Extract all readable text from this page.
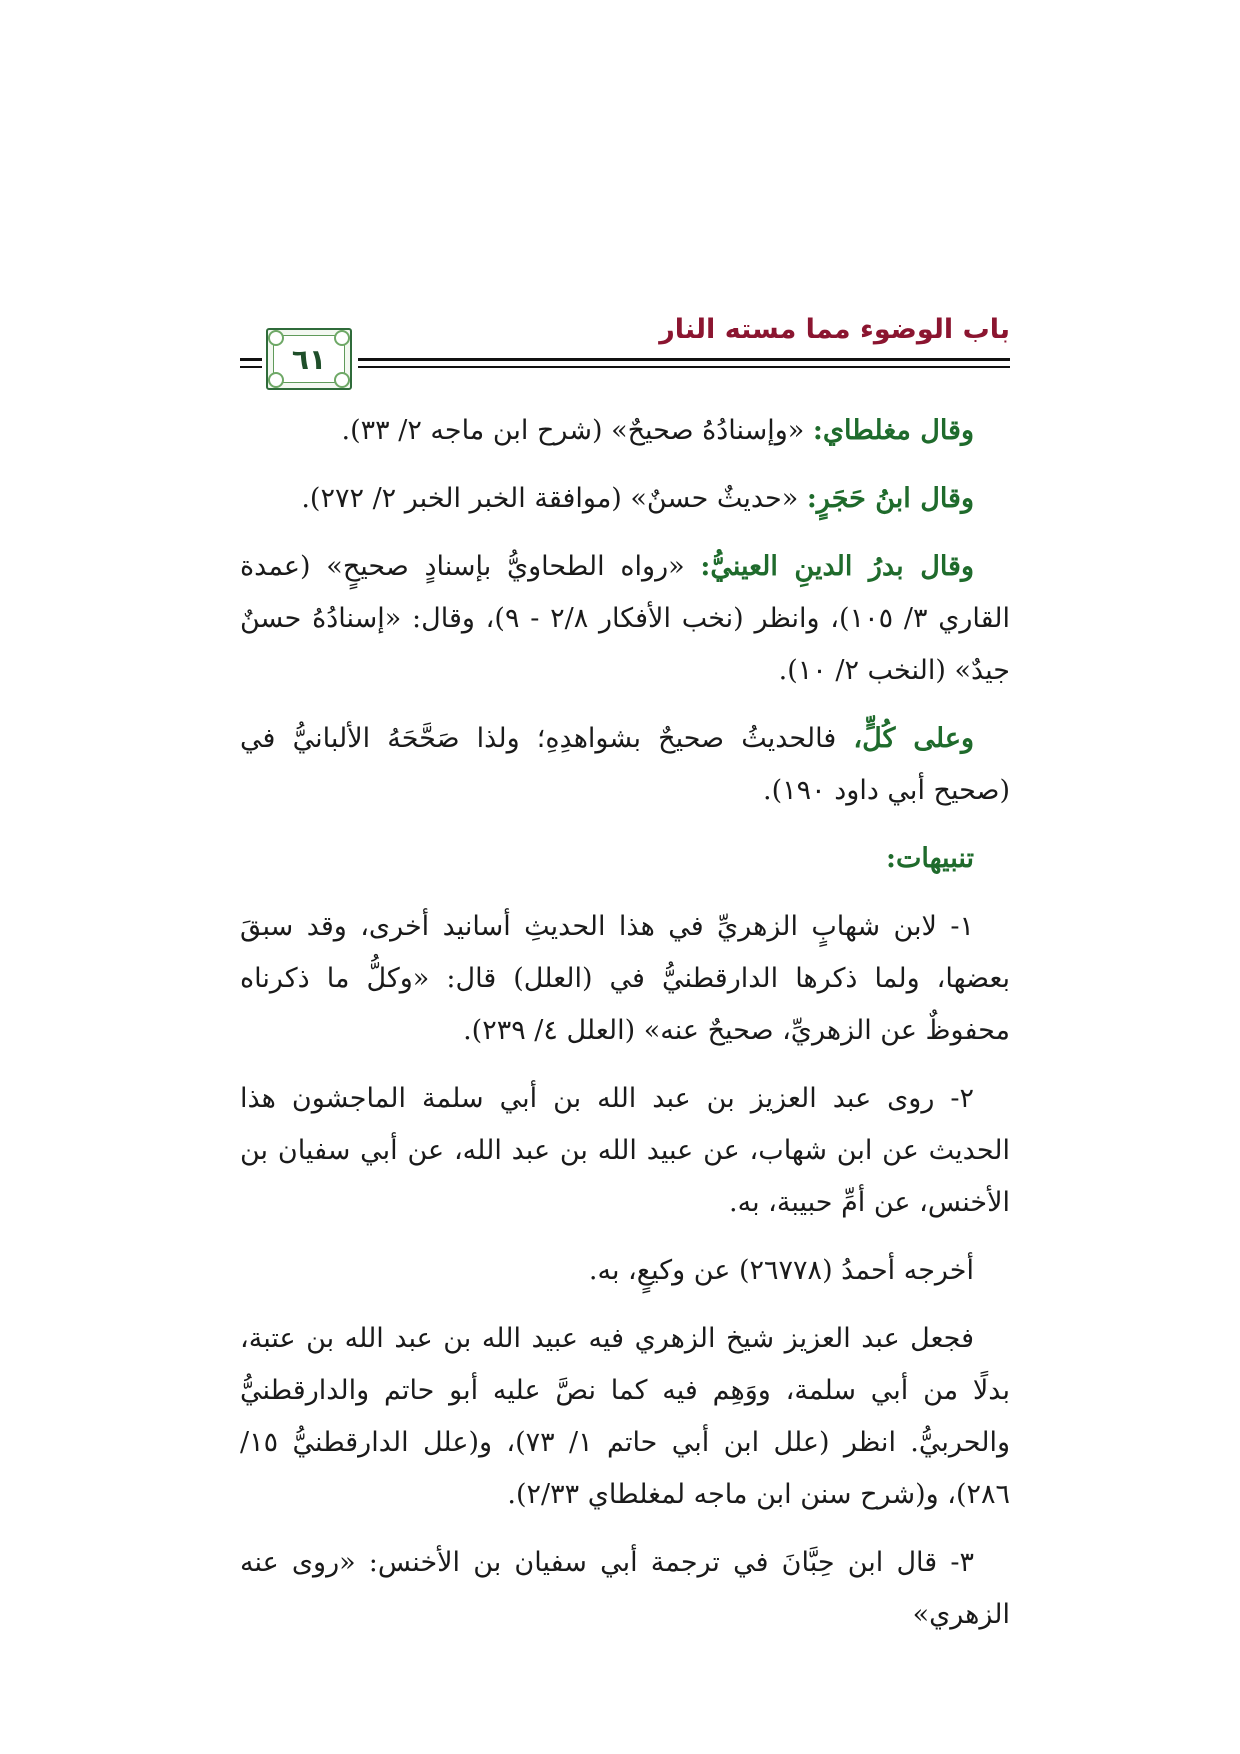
باب الوضوء مما مسته النار
٦١

وقال مغلطاي: «وإسنادُهُ صحيحٌ» (شرح ابن ماجه ٢/ ٣٣).

وقال ابنُ حَجَرٍ: «حديثٌ حسنٌ» (موافقة الخبر الخبر ٢/ ٢٧٢).

وقال بدرُ الدينِ العينيُّ: «رواه الطحاويُّ بإسنادٍ صحيحٍ» (عمدة القاري ٣/ ١٠٥)، وانظر (نخب الأفكار ٢/٨ - ٩)، وقال: «إسنادُهُ حسنٌ جيدٌ» (النخب ٢/ ١٠).

وعلى كُلٍّ، فالحديثُ صحيحٌ بشواهدِهِ؛ ولذا صَحَّحَهُ الألبانيُّ في (صحيح أبي داود ١٩٠).

تنبيهات:

١- لابن شهابٍ الزهريِّ في هذا الحديثِ أسانيد أخرى، وقد سبقَ بعضها، ولما ذكرها الدارقطنيُّ في (العلل) قال: «وكلُّ ما ذكرناه محفوظٌ عن الزهريِّ، صحيحٌ عنه» (العلل ٤/ ٢٣٩).

٢- روى عبد العزيز بن عبد الله بن أبي سلمة الماجشون هذا الحديث عن ابن شهاب، عن عبيد الله بن عبد الله، عن أبي سفيان بن الأخنس، عن أمِّ حبيبة، به.

أخرجه أحمدُ (٢٦٧٧٨) عن وكيعٍ، به.

فجعل عبد العزيز شيخ الزهري فيه عبيد الله بن عبد الله بن عتبة، بدلًا من أبي سلمة، ووَهِم فيه كما نصَّ عليه أبو حاتم والدارقطنيُّ والحربيُّ. انظر (علل ابن أبي حاتم ١/ ٧٣)، و(علل الدارقطنيُّ ١٥/ ٢٨٦)، و(شرح سنن ابن ماجه لمغلطاي ٢/٣٣).

٣- قال ابن حِبَّانَ في ترجمة أبي سفيان بن الأخنس: «روى عنه الزهري»
